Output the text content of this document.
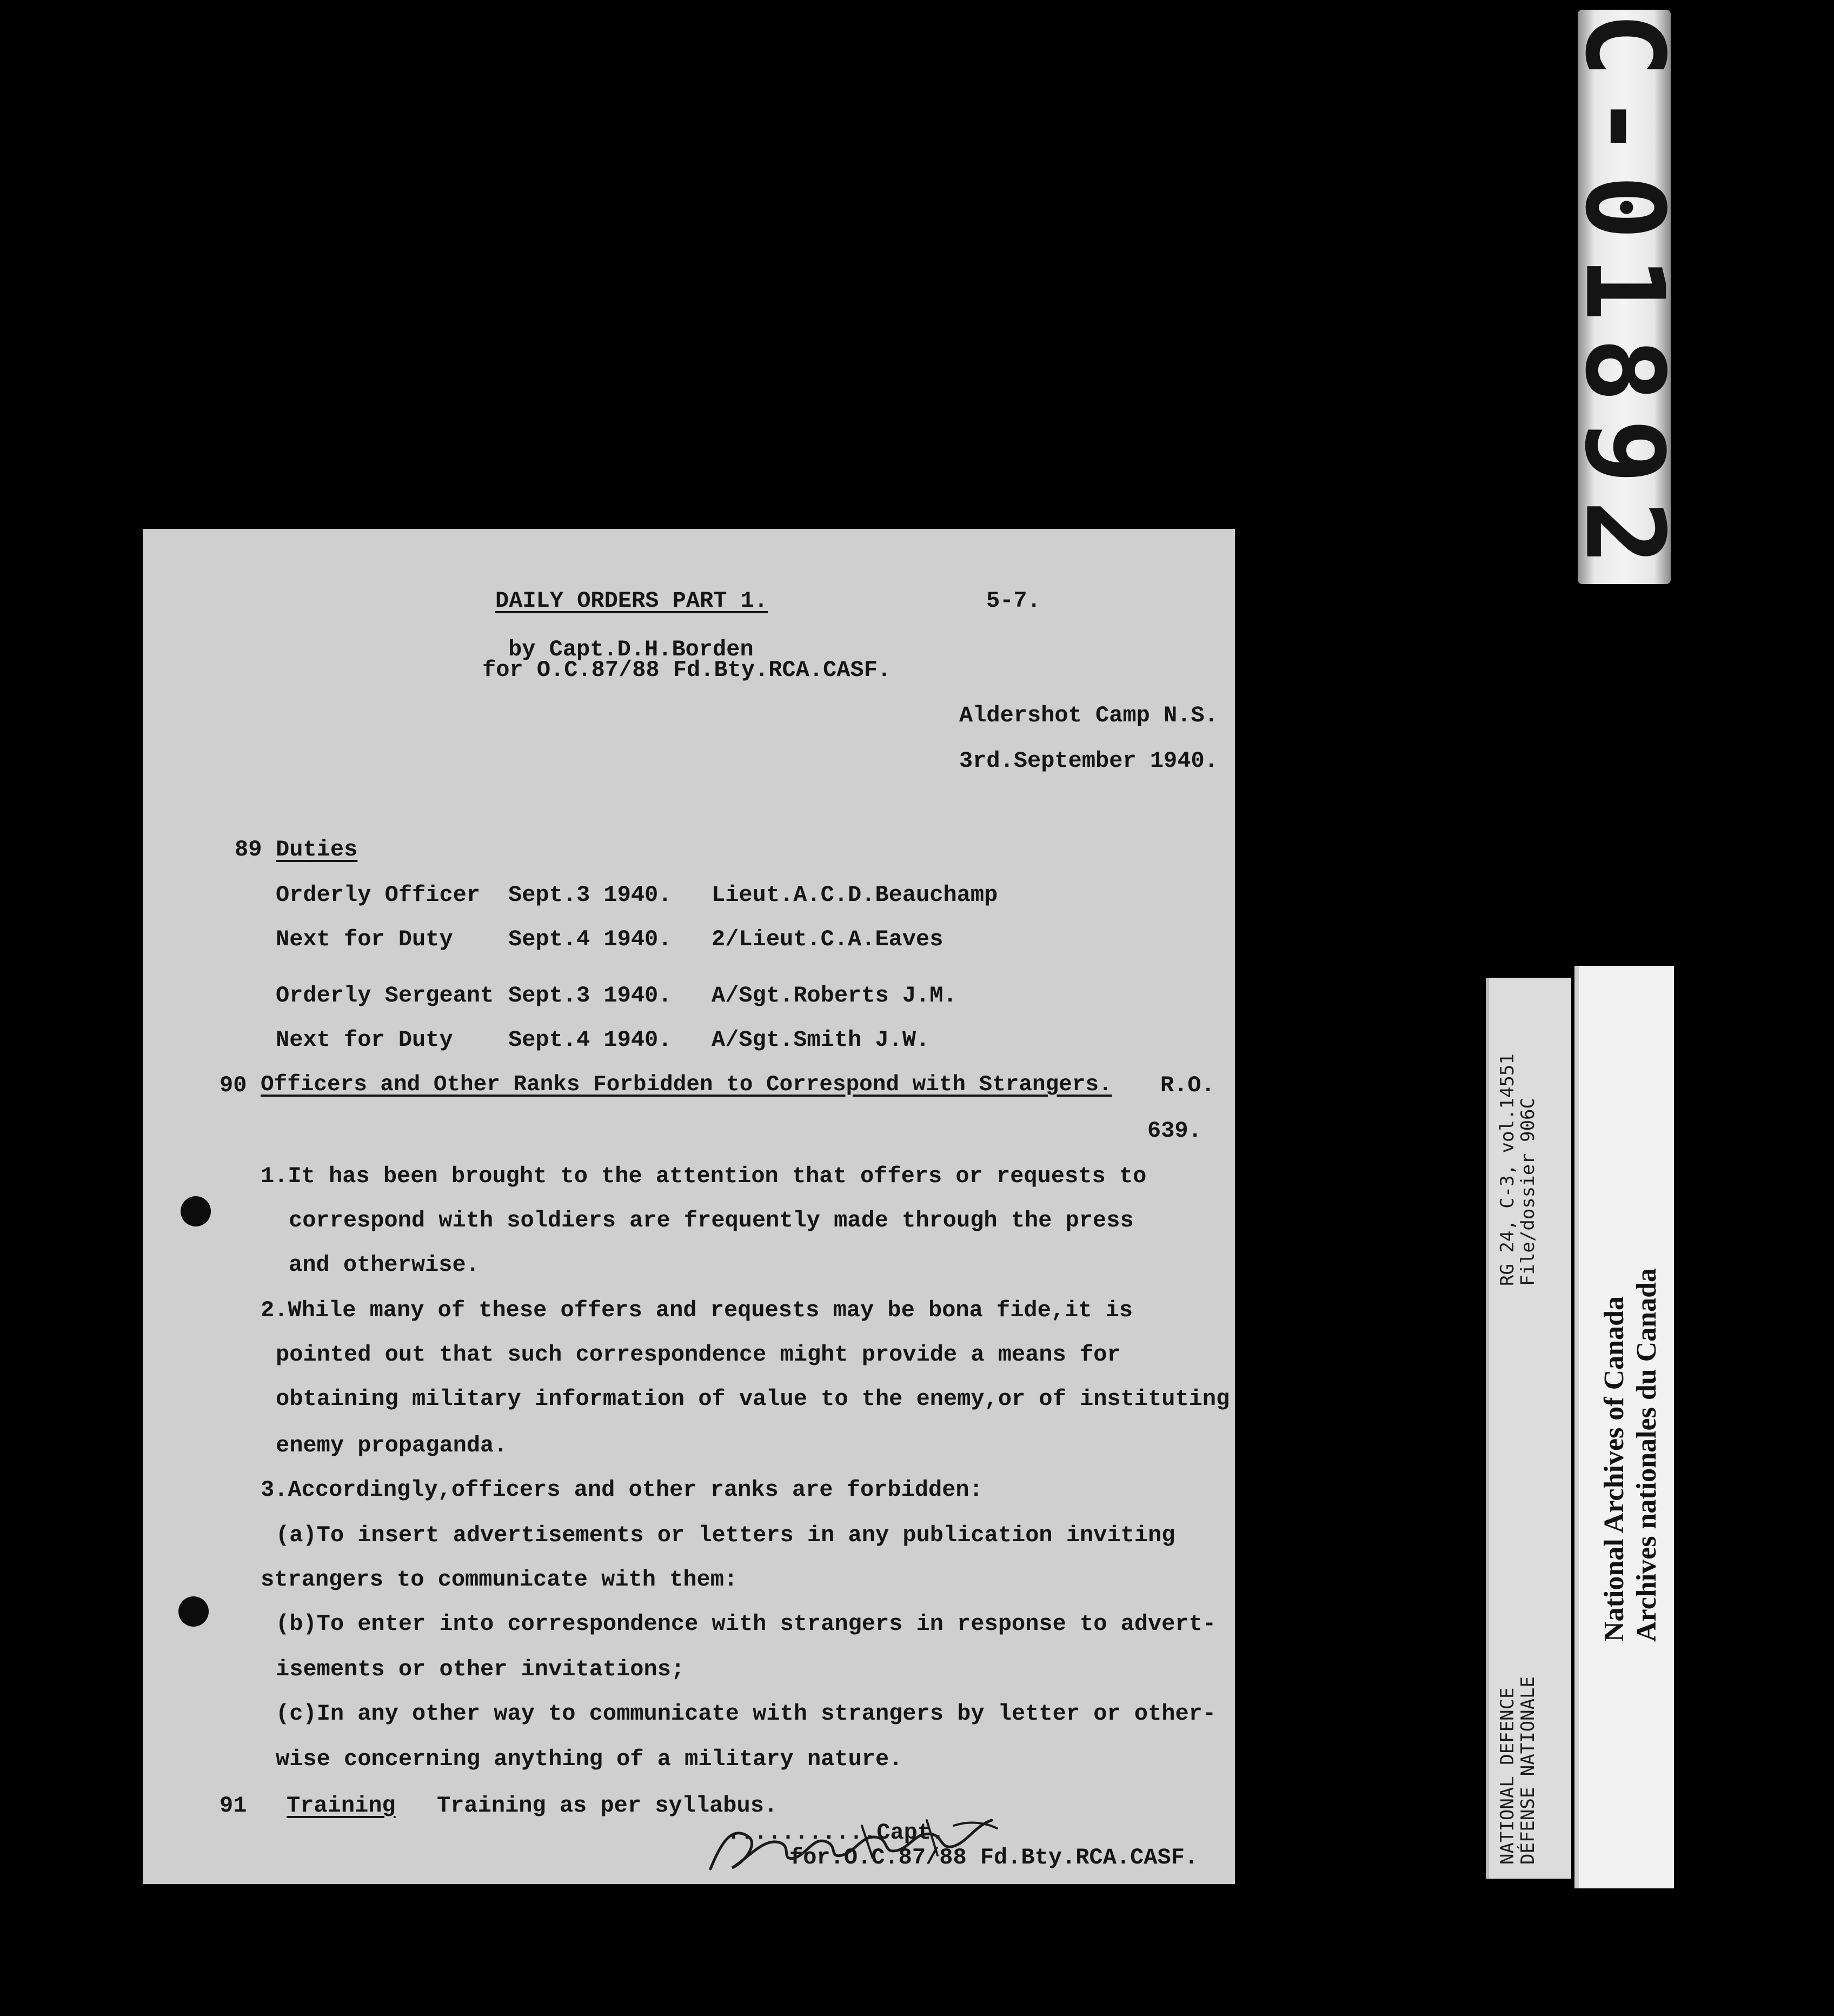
C-01892
RG 24, C-3, vol.14551
File/dossier 906C
NATIONAL DEFENCE
DÉFENSE NATIONALE
National Archives of Canada Archives nationales du Canada
DAILY ORDERS PART 1.	5-7.
by Capt.D.H.Borden
for O.C.87/88 Fd.Bty.RCA.CASF.
Aldershot Camp N.S.
3rd.September 1940.
89 Duties
Orderly Officer Sept.3 1940. Lieut.A.C.D.Beauchamp
Next for Duty Sept.4 1940. 2/Lieut.C.A.Eaves
Orderly Sergeant Sept.3 1940. A/Sgt.Roberts J.M.
Next for Duty Sept.4 1940. A/Sgt.Smith J.W.
90 Officers and Other Ranks Forbidden to Correspond with Strangers. R.O.
639.
1.It has been brought to the attention that offers or requests to
correspond with soldiers are frequently made through the press
and otherwise.
2.While many of these offers and requests may be bona fide,it is
pointed out that such correspondence might provide a means for
obtaining military information of value to the enemy,or of instituting
enemy propaganda.
3.Accordingly,officers and other ranks are forbidden:
(a)To insert advertisements or letters in any publication inviting
strangers to communicate with them:
(b)To enter into correspondence with strangers in response to advert-
isements or other invitations;
(c)In any other way to communicate with strangers by letter or other-
wise concerning anything of a military nature.
91 Training Training as per syllabus.
...........Capt.
for.O.C.87/88 Fd.Bty.RCA.CASF.
